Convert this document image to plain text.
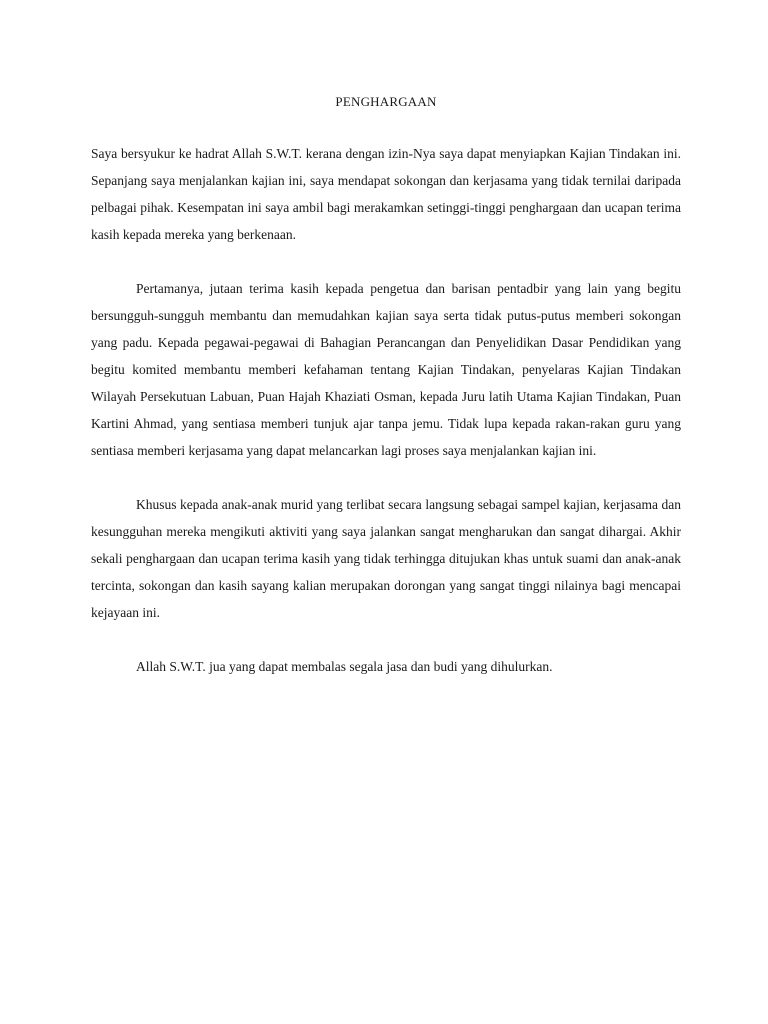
PENGHARGAAN

Saya bersyukur ke hadrat Allah S.W.T. kerana dengan izin-Nya saya dapat menyiapkan Kajian Tindakan ini. Sepanjang saya menjalankan kajian ini, saya mendapat sokongan dan kerjasama yang tidak ternilai daripada pelbagai pihak. Kesempatan ini saya ambil bagi merakamkan setinggi-tinggi penghargaan dan ucapan terima kasih kepada mereka yang berkenaan.

Pertamanya, jutaan terima kasih kepada pengetua dan barisan pentadbir yang lain yang begitu bersungguh-sungguh membantu dan memudahkan kajian saya serta tidak putus-putus memberi sokongan yang padu. Kepada pegawai-pegawai di Bahagian Perancangan dan Penyelidikan Dasar Pendidikan yang begitu komited membantu memberi kefahaman tentang Kajian Tindakan, penyelaras Kajian Tindakan Wilayah Persekutuan Labuan, Puan Hajah Khaziati Osman, kepada Juru latih Utama Kajian Tindakan, Puan Kartini Ahmad, yang sentiasa memberi tunjuk ajar tanpa jemu. Tidak lupa kepada rakan-rakan guru yang sentiasa memberi kerjasama yang dapat melancarkan lagi proses saya menjalankan kajian ini.

Khusus kepada anak-anak murid yang terlibat secara langsung sebagai sampel kajian, kerjasama dan kesungguhan mereka mengikuti aktiviti yang saya jalankan sangat mengharukan dan sangat dihargai. Akhir sekali penghargaan dan ucapan terima kasih yang tidak terhingga ditujukan khas untuk suami dan anak-anak tercinta, sokongan dan kasih sayang kalian merupakan dorongan yang sangat tinggi nilainya bagi mencapai kejayaan ini.

Allah S.W.T. jua yang dapat membalas segala jasa dan budi yang dihulurkan.
